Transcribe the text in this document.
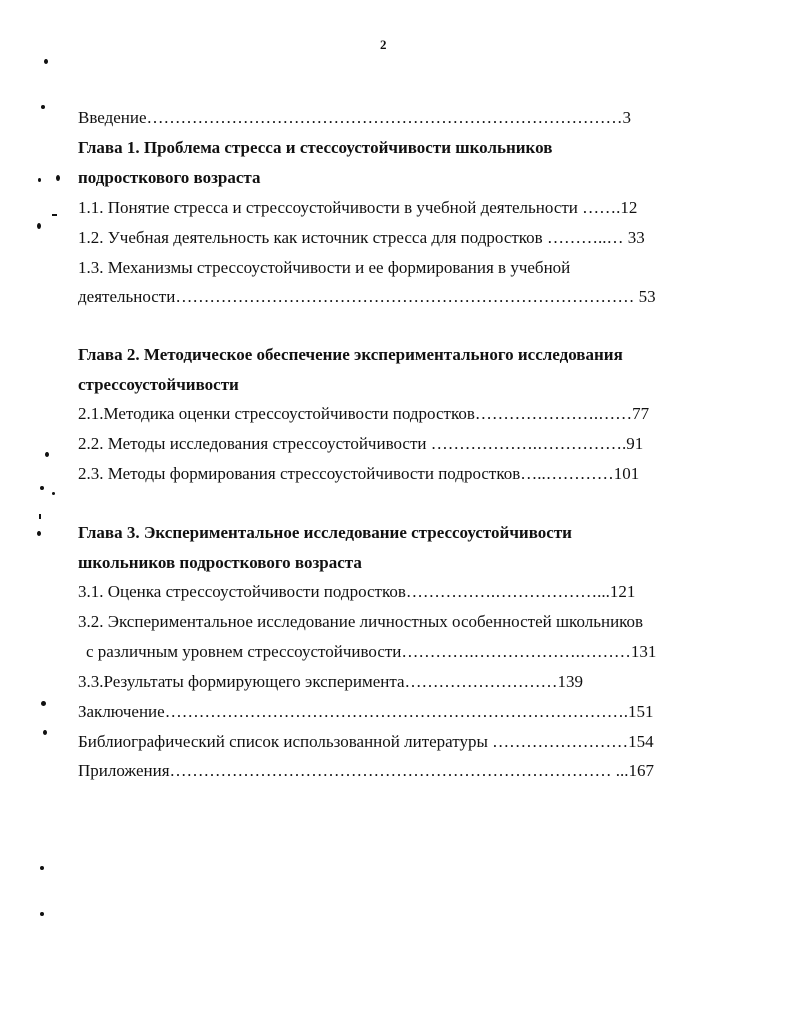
2
Введение…………………………………………………………………………3
Глава 1. Проблема стресса и стессоустойчивости школьников
подросткового возраста
1.1. Понятие стресса и стрессоустойчивости в учебной деятельности …….12
1.2. Учебная деятельность как источник стресса для подростков ………..… 33
1.3. Механизмы стрессоустойчивости и ее формирования в учебной
деятельности……………………………………………………………………… 53
Глава 2. Методическое обеспечение экспериментального исследования
стрессоустойчивости
2.1.Методика оценки стрессоустойчивости подростков………………….……77
2.2. Методы исследования стрессоустойчивости ……………….…………….91
2.3. Методы формирования стрессоустойчивости подростков…..…………101
Глава 3. Экспериментальное исследование стрессоустойчивости
школьников подросткового возраста
3.1. Оценка стрессоустойчивости подростков…………….………………...121
3.2. Экспериментальное исследование личностных особенностей школьников
с различным уровнем стрессоустойчивости………….……………….………131
3.3.Результаты формирующего эксперимента………………………139
Заключение……………………………………………………………………….151
Библиографический список использованной литературы ……………………154
Приложения…………………………………………………………………… ...167
